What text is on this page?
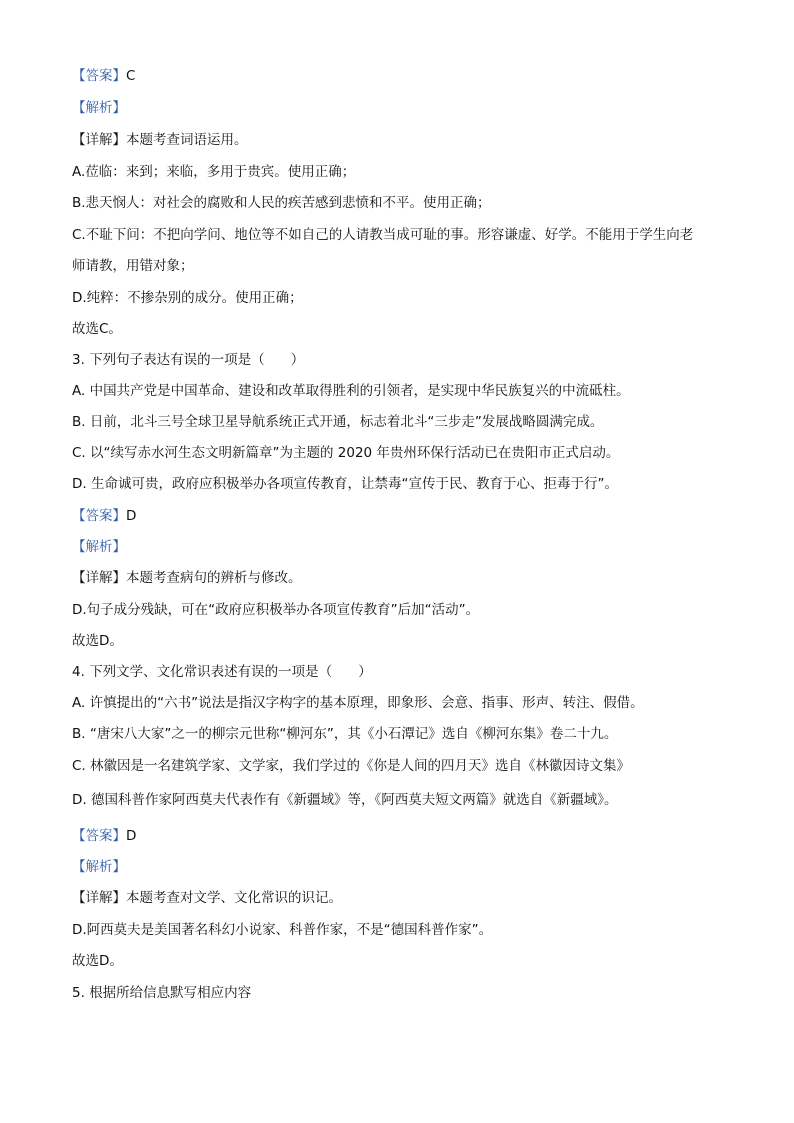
【答案】C
【解析】
【详解】本题考查词语运用。
A.莅临：来到；来临，多用于贵宾。使用正确；
B.悲天悯人：对社会的腐败和人民的疾苦感到悲愤和不平。使用正确；
C.不耻下问：不把向学问、地位等不如自己的人请教当成可耻的事。形容谦虚、好学。不能用于学生向老
师请教，用错对象；
D.纯粹：不掺杂别的成分。使用正确；
故选C。
3. 下列句子表达有误的一项是（ ）
A. 中国共产党是中国革命、建设和改革取得胜利的引领者，是实现中华民族复兴的中流砥柱。
B. 日前，北斗三号全球卫星导航系统正式开通，标志着北斗“三步走”发展战略圆满完成。
C. 以“续写赤水河生态文明新篇章”为主题的 2020 年贵州环保行活动已在贵阳市正式启动。
D. 生命诚可贵，政府应积极举办各项宣传教育，让禁毒“宣传于民、教育于心、拒毒于行”。
【答案】D
【解析】
【详解】本题考查病句的辨析与修改。
D.句子成分残缺，可在“政府应积极举办各项宣传教育”后加“活动”。
故选D。
4. 下列文学、文化常识表述有误的一项是（ ）
A. 许慎提出的“六书”说法是指汉字构字的基本原理，即象形、会意、指事、形声、转注、假借。
B. “唐宋八大家”之一的柳宗元世称“柳河东”，其《小石潭记》选自《柳河东集》卷二十九。
C. 林徽因是一名建筑学家、文学家，我们学过的《你是人间的四月天》选自《林徽因诗文集》
D. 德国科普作家阿西莫夫代表作有《新疆域》等，《阿西莫夫短文两篇》就选自《新疆域》。
【答案】D
【解析】
【详解】本题考查对文学、文化常识的识记。
D.阿西莫夫是美国著名科幻小说家、科普作家，不是“德国科普作家”。
故选D。
5. 根据所给信息默写相应内容
